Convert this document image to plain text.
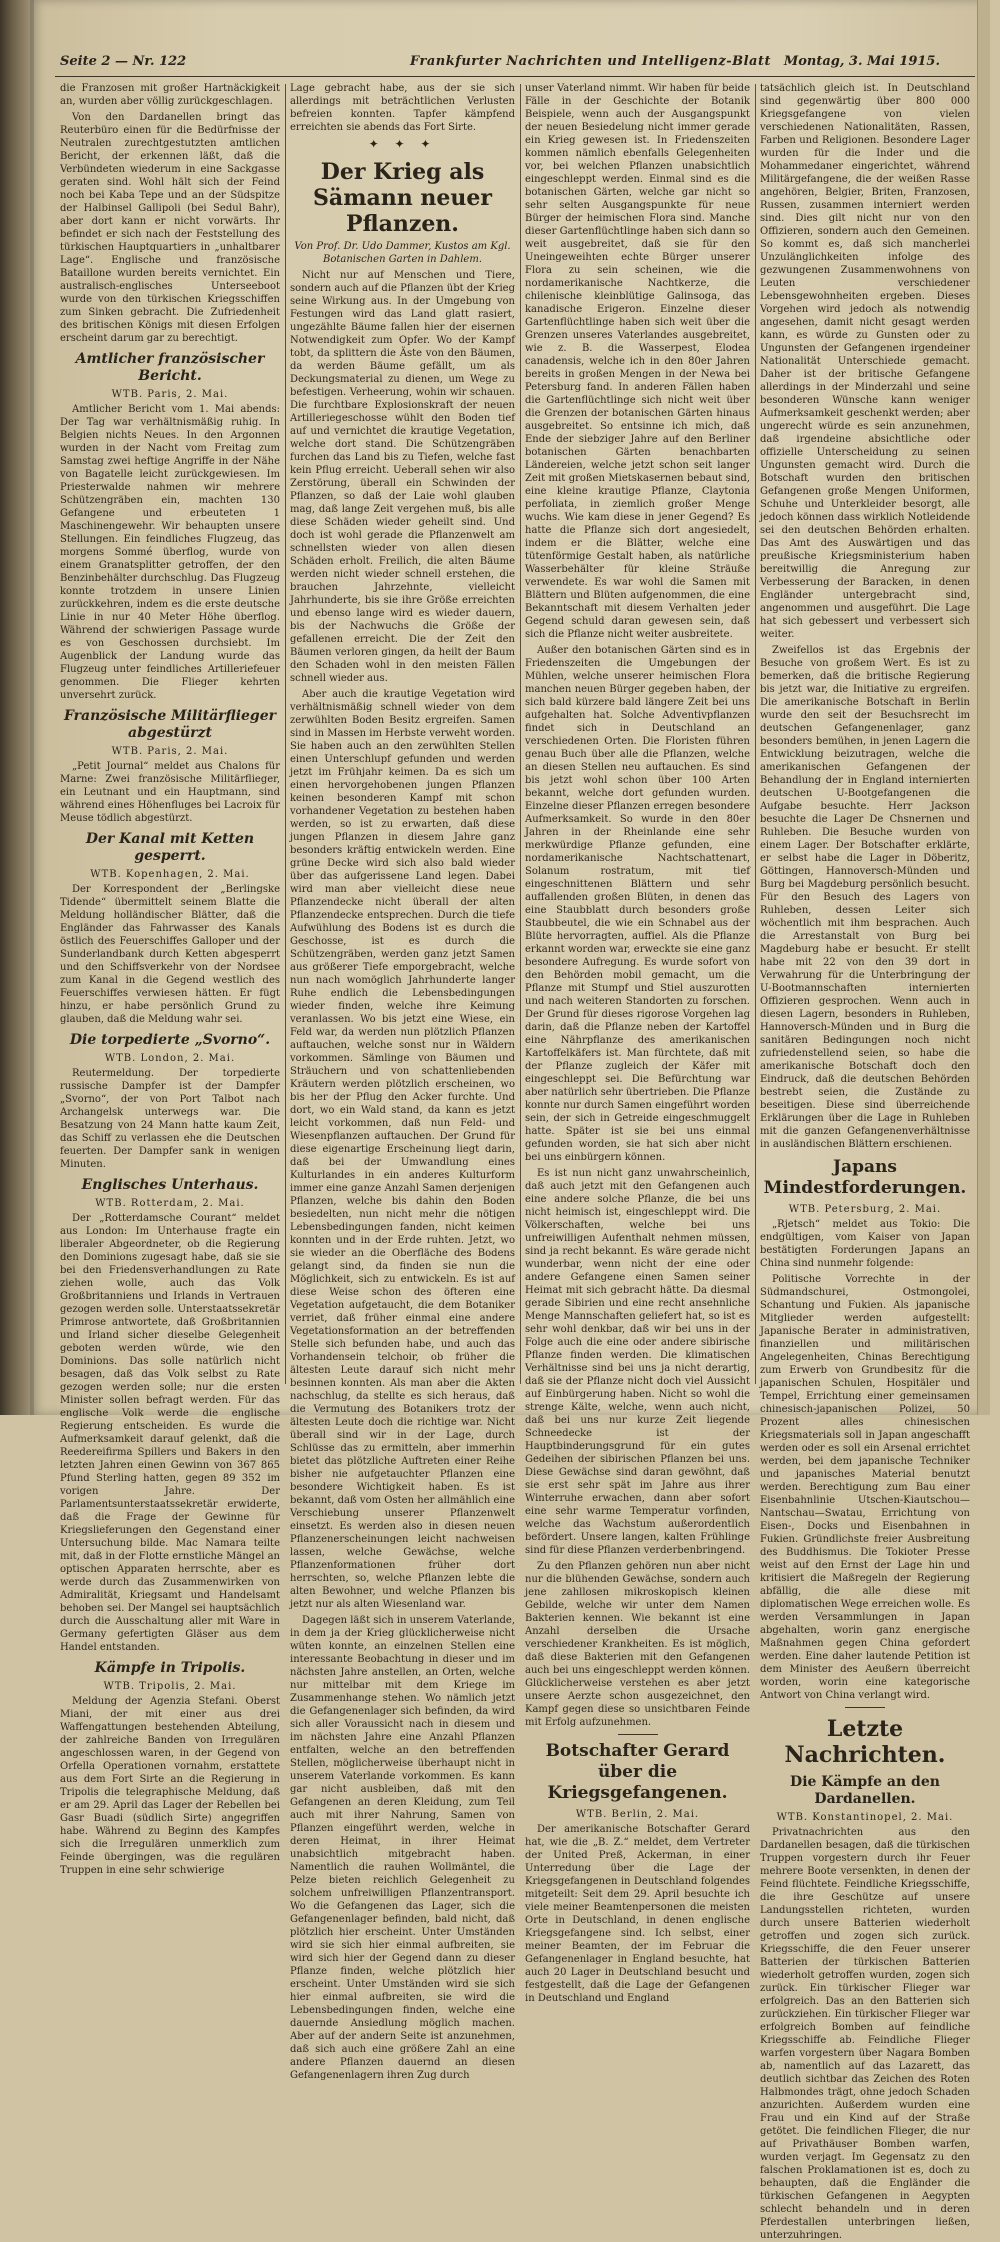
Seite 2 — Nr. 122	Frankfurter Nachrichten und Intelligenz-Blatt Montag, 3. Mai 1915.

die Franzosen mit großer Hartnäckigkeit an, wurden aber völlig zurückgeschlagen.

Von den Dardanellen bringt das Reuterbüro einen für die Bedürfnisse der Neutralen zurechtgestutzten amtlichen Bericht, der erkennen läßt, daß die Verbündeten wiederum in eine Sackgasse geraten sind. Wohl hält sich der Feind noch bei Kaba Tepe und an der Südspitze der Halbinsel Gallipoli (bei Sedul Bahr), aber dort kann er nicht vorwärts. Ihr befindet er sich nach der Feststellung des türkischen Hauptquartiers in „unhaltbarer Lage“. Englische und französische Bataillone wurden bereits vernichtet. Ein australisch-englisches Unterseeboot wurde von den türkischen Kriegsschiffen zum Sinken gebracht. Die Zufriedenheit des britischen Königs mit diesen Erfolgen erscheint darum gar zu berechtigt.

Amtlicher französischer Bericht.
WTB. Paris, 2. Mai.

Amtlicher Bericht vom 1. Mai abends: Der Tag war verhältnismäßig ruhig. In Belgien nichts Neues. In den Argonnen wurden in der Nacht vom Freitag zum Samstag zwei heftige Angriffe in der Nähe von Bagatelle leicht zurückgewiesen. Im Priesterwalde nahmen wir mehrere Schützengräben ein, machten 130 Gefangene und erbeuteten 1 Maschinengewehr. Wir behaupten unsere Stellungen. Ein feindliches Flugzeug, das morgens Sommé überflog, wurde von einem Granatsplitter getroffen, der den Benzinbehälter durchschlug. Das Flugzeug konnte trotzdem in unsere Linien zurückkehren, indem es die erste deutsche Linie in nur 40 Meter Höhe überflog. Während der schwierigen Passage wurde es von Geschossen durchsiebt. Im Augenblick der Landung wurde das Flugzeug unter feindliches Artilleriefeuer genommen. Die Flieger kehrten unversehrt zurück.

Französische Militärflieger abgestürzt
WTB. Paris, 2. Mai.

„Petit Journal“ meldet aus Chalons für Marne: Zwei französische Militärflieger, ein Leutnant und ein Hauptmann, sind während eines Höhenfluges bei Lacroix für Meuse tödlich abgestürzt.

Der Kanal mit Ketten gesperrt.
WTB. Kopenhagen, 2. Mai.

Der Korrespondent der „Berlingske Tidende“ übermittelt seinem Blatte die Meldung holländischer Blätter, daß die Engländer das Fahrwasser des Kanals östlich des Feuerschiffes Galloper und der Sunderlandbank durch Ketten abgesperrt und den Schiffsverkehr von der Nordsee zum Kanal in die Gegend westlich des Feuerschiffes verwiesen hätten. Er fügt hinzu, er habe persönlich Grund zu glauben, daß die Meldung wahr sei.

Die torpedierte „Svorno“.
WTB. London, 2. Mai.

Reutermeldung. Der torpedierte russische Dampfer ist der Dampfer „Svorno“, der von Port Talbot nach Archangelsk unterwegs war. Die Besatzung von 24 Mann hatte kaum Zeit, das Schiff zu verlassen ehe die Deutschen feuerten. Der Dampfer sank in wenigen Minuten.

Englisches Unterhaus.
WTB. Rotterdam, 2. Mai.

Der „Rotterdamsche Courant“ meldet aus London: Im Unterhause fragte ein liberaler Abgeordneter, ob die Regierung den Dominions zugesagt habe, daß sie sie bei den Friedensverhandlungen zu Rate ziehen wolle, auch das Volk Großbritanniens und Irlands in Vertrauen gezogen werden solle. Unterstaatssekretär Primrose antwortete, daß Großbritannien und Irland sicher dieselbe Gelegenheit geboten werden würde, wie den Dominions. Das solle natürlich nicht besagen, daß das Volk selbst zu Rate gezogen werden solle; nur die ersten Minister sollen befragt werden. Für das englische Volk werde die englische Regierung entscheiden. Es wurde die Aufmerksamkeit darauf gelenkt, daß die Reedereifirma Spillers und Bakers in den letzten Jahren einen Gewinn von 367 865 Pfund Sterling hatten, gegen 89 352 im vorigen Jahre. Der Parlamentsunterstaatssekretär erwiderte, daß die Frage der Gewinne für Kriegslieferungen den Gegenstand einer Untersuchung bilde. Mac Namara teilte mit, daß in der Flotte ernstliche Mängel an optischen Apparaten herrschte, aber es werde durch das Zusammenwirken von Admiralität, Kriegsamt und Handelsamt behoben sei. Der Mangel sei hauptsächlich durch die Ausschaltung aller mit Ware in Germany gefertigten Gläser aus dem Handel entstanden.

Kämpfe in Tripolis.
WTB. Tripolis, 2. Mai.

Meldung der Agenzia Stefani. Oberst Miani, der mit einer aus drei Waffengattungen bestehenden Abteilung, der zahlreiche Banden von Irregulären angeschlossen waren, in der Gegend von Orfella Operationen vornahm, erstattete aus dem Fort Sirte an die Regierung in Tripolis die telegraphische Meldung, daß er am 29. April das Lager der Rebellen bei Gasr Buadi (südlich Sirte) angegriffen habe. Während zu Beginn des Kampfes sich die Irregulären unmerklich zum Feinde übergingen, was die regulären Truppen in eine sehr schwierige

Lage gebracht habe, aus der sie sich allerdings mit beträchtlichen Verlusten befreien konnten. Tapfer kämpfend erreichten sie abends das Fort Sirte.

✦ ✦ ✦
Der Krieg als Sämann neuer Pflanzen.
Von Prof. Dr. Udo Dammer, Kustos am Kgl. Botanischen Garten in Dahlem.

Nicht nur auf Menschen und Tiere, sondern auch auf die Pflanzen übt der Krieg seine Wirkung aus. In der Umgebung von Festungen wird das Land glatt rasiert, ungezählte Bäume fallen hier der eisernen Notwendigkeit zum Opfer. Wo der Kampf tobt, da splittern die Äste von den Bäumen, da werden Bäume gefällt, um als Deckungsmaterial zu dienen, um Wege zu befestigen. Verheerung, wohin wir schauen. Die furchtbare Explosionskraft der neuen Artilleriegeschosse wühlt den Boden tief auf und vernichtet die krautige Vegetation, welche dort stand. Die Schützengräben furchen das Land bis zu Tiefen, welche fast kein Pflug erreicht. Ueberall sehen wir also Zerstörung, überall ein Schwinden der Pflanzen, so daß der Laie wohl glauben mag, daß lange Zeit vergehen muß, bis alle diese Schäden wieder geheilt sind. Und doch ist wohl gerade die Pflanzenwelt am schnellsten wieder von allen diesen Schäden erholt. Freilich, die alten Bäume werden nicht wieder schnell erstehen, die brauchen Jahrzehnte, vielleicht Jahrhunderte, bis sie ihre Größe erreichten und ebenso lange wird es wieder dauern, bis der Nachwuchs die Größe der gefallenen erreicht. Die der Zeit den Bäumen verloren gingen, da heilt der Baum den Schaden wohl in den meisten Fällen schnell wieder aus.

Aber auch die krautige Vegetation wird verhältnismäßig schnell wieder von dem zerwühlten Boden Besitz ergreifen. Samen sind in Massen im Herbste verweht worden. Sie haben auch an den zerwühlten Stellen einen Unterschlupf gefunden und werden jetzt im Frühjahr keimen. Da es sich um einen hervorgehobenen jungen Pflanzen keinen besonderen Kampf mit schon vorhandener Vegetation zu bestehen haben werden, so ist zu erwarten, daß diese jungen Pflanzen in diesem Jahre ganz besonders kräftig entwickeln werden. Eine grüne Decke wird sich also bald wieder über das aufgerissene Land legen. Dabei wird man aber vielleicht diese neue Pflanzendecke nicht überall der alten Pflanzendecke entsprechen. Durch die tiefe Aufwühlung des Bodens ist es durch die Geschosse, ist es durch die Schützengräben, werden ganz jetzt Samen aus größerer Tiefe emporgebracht, welche nun nach womöglich Jahrhunderte langer Ruhe endlich die Lebensbedingungen wieder finden, welche ihre Keimung veranlassen. Wo bis jetzt eine Wiese, ein Feld war, da werden nun plötzlich Pflanzen auftauchen, welche sonst nur in Wäldern vorkommen. Sämlinge von Bäumen und Sträuchern und von schattenliebenden Kräutern werden plötzlich erscheinen, wo bis her der Pflug den Acker furchte. Und dort, wo ein Wald stand, da kann es jetzt leicht vorkommen, daß nun Feld- und Wiesenpflanzen auftauchen. Der Grund für diese eigenartige Erscheinung liegt darin, daß bei der Umwandlung eines Kulturlandes in ein anderes Kulturform immer eine ganze Anzahl Samen derjenigen Pflanzen, welche bis dahin den Boden besiedelten, nun nicht mehr die nötigen Lebensbedingungen fanden, nicht keimen konnten und in der Erde ruhten. Jetzt, wo sie wieder an die Oberfläche des Bodens gelangt sind, da finden sie nun die Möglichkeit, sich zu entwickeln. Es ist auf diese Weise schon des öfteren eine Vegetation aufgetaucht, die dem Botaniker verriet, daß früher einmal eine andere Vegetationsformation an der betreffenden Stelle sich befunden habe, und auch das Vorhandensein telchoir, ob früher die ältesten Leute darauf sich nicht mehr besinnen konnten. Als man aber die Akten nachschlug, da stellte es sich heraus, daß die Vermutung des Botanikers trotz der ältesten Leute doch die richtige war. Nicht überall sind wir in der Lage, durch Schlüsse das zu ermitteln, aber immerhin bietet das plötzliche Auftreten einer Reihe bisher nie aufgetauchter Pflanzen eine besondere Wichtigkeit haben. Es ist bekannt, daß vom Osten her allmählich eine Verschiebung unserer Pflanzenwelt einsetzt. Es werden also in diesen neuen Pflanzenerscheinungen leicht nachweisen lassen, welche Gewächse, welche Pflanzenformationen früher dort herrschten, so, welche Pflanzen lebte die alten Bewohner, und welche Pflanzen bis jetzt nur als alten Wiesenland war.

Dagegen läßt sich in unserem Vaterlande, in dem ja der Krieg glücklicherweise nicht wüten konnte, an einzelnen Stellen eine interessante Beobachtung in dieser und im nächsten Jahre anstellen, an Orten, welche nur mittelbar mit dem Kriege im Zusammenhange stehen. Wo nämlich jetzt die Gefangenenlager sich befinden, da wird sich aller Voraussicht nach in diesem und im nächsten Jahre eine Anzahl Pflanzen entfalten, welche an den betreffenden Stellen, möglicherweise überhaupt nicht in unserem Vaterlande vorkommen. Es kann gar nicht ausbleiben, daß mit den Gefangenen an deren Kleidung, zum Teil auch mit ihrer Nahrung, Samen von Pflanzen eingeführt werden, welche in deren Heimat, in ihrer Heimat unabsichtlich mitgebracht haben. Namentlich die rauhen Wollmäntel, die Pelze bieten reichlich Gelegenheit zu solchem unfreiwilligen Pflanzentransport. Wo die Gefangenen das Lager, sich die Gefangenenlager befinden, bald nicht, daß plötzlich hier erscheint. Unter Umständen wird sie sich hier einmal aufbreiten, sie wird sich hier der Gegend dann zu dieser Pflanze finden, welche plötzlich hier erscheint. Unter Umständen wird sie sich hier einmal aufbreiten, sie wird die Lebensbedingungen finden, welche eine dauernde Ansiedlung möglich machen. Aber auf der andern Seite ist anzunehmen, daß sich auch eine größere Zahl an eine andere Pflanzen dauernd an diesen Gefangenenlagern ihren Zug durch

unser Vaterland nimmt. Wir haben für beide Fälle in der Geschichte der Botanik Beispiele, wenn auch der Ausgangspunkt der neuen Besiedelung nicht immer gerade ein Krieg gewesen ist. In Friedenszeiten kommen nämlich ebenfalls Gelegenheiten vor, bei welchen Pflanzen unabsichtlich eingeschleppt werden. Einmal sind es die botanischen Gärten, welche gar nicht so sehr selten Ausgangspunkte für neue Bürger der heimischen Flora sind. Manche dieser Gartenflüchtlinge haben sich dann so weit ausgebreitet, daß sie für den Uneingeweihten echte Bürger unserer Flora zu sein scheinen, wie die nordamerikanische Nachtkerze, die chilenische kleinblütige Galinsoga, das kanadische Erigeron. Einzelne dieser Gartenflüchtlinge haben sich weit über die Grenzen unseres Vaterlandes ausgebreitet, wie z. B. die Wasserpest, Elodea canadensis, welche ich in den 80er Jahren bereits in großen Mengen in der Newa bei Petersburg fand. In anderen Fällen haben die Gartenflüchtlinge sich nicht weit über die Grenzen der botanischen Gärten hinaus ausgebreitet. So entsinne ich mich, daß Ende der siebziger Jahre auf den Berliner botanischen Gärten benachbarten Ländereien, welche jetzt schon seit langer Zeit mit großen Mietskasernen bebaut sind, eine kleine krautige Pflanze, Claytonia perfoliata, in ziemlich großer Menge wuchs. Wie kam diese in jener Gegend? Es hatte die Pflanze sich dort angesiedelt, indem er die Blätter, welche eine tütenförmige Gestalt haben, als natürliche Wasserbehälter für kleine Sträuße verwendete. Es war wohl die Samen mit Blättern und Blüten aufgenommen, die eine Bekanntschaft mit diesem Verhalten jeder Gegend schuld daran gewesen sein, daß sich die Pflanze nicht weiter ausbreitete.

Außer den botanischen Gärten sind es in Friedenszeiten die Umgebungen der Mühlen, welche unserer heimischen Flora manchen neuen Bürger gegeben haben, der sich bald kürzere bald längere Zeit bei uns aufgehalten hat. Solche Adventivpflanzen findet sich in Deutschland an verschiedenen Orten. Die Floristen führen genau Buch über alle die Pflanzen, welche an diesen Stellen neu auftauchen. Es sind bis jetzt wohl schon über 100 Arten bekannt, welche dort gefunden wurden. Einzelne dieser Pflanzen erregen besondere Aufmerksamkeit. So wurde in den 80er Jahren in der Rheinlande eine sehr merkwürdige Pflanze gefunden, eine nordamerikanische Nachtschattenart, Solanum rostratum, mit tief eingeschnittenen Blättern und sehr auffallenden großen Blüten, in denen das eine Staubblatt durch besonders große Staubbeutel, die wie ein Schnabel aus der Blüte hervorragten, auffiel. Als die Pflanze erkannt worden war, erweckte sie eine ganz besondere Aufregung. Es wurde sofort von den Behörden mobil gemacht, um die Pflanze mit Stumpf und Stiel auszurotten und nach weiteren Standorten zu forschen. Der Grund für dieses rigorose Vorgehen lag darin, daß die Pflanze neben der Kartoffel eine Nährpflanze des amerikanischen Kartoffelkäfers ist. Man fürchtete, daß mit der Pflanze zugleich der Käfer mit eingeschleppt sei. Die Befürchtung war aber natürlich sehr übertrieben. Die Pflanze konnte nur durch Samen eingeführt worden sein, der sich in Getreide eingeschmuggelt hatte. Später ist sie bei uns einmal gefunden worden, sie hat sich aber nicht bei uns einbürgern können.

Es ist nun nicht ganz unwahrscheinlich, daß auch jetzt mit den Gefangenen auch eine andere solche Pflanze, die bei uns nicht heimisch ist, eingeschleppt wird. Die Völkerschaften, welche bei uns unfreiwilligen Aufenthalt nehmen müssen, sind ja recht bekannt. Es wäre gerade nicht wunderbar, wenn nicht der eine oder andere Gefangene einen Samen seiner Heimat mit sich gebracht hätte. Da diesmal gerade Sibirien und eine recht ansehnliche Menge Mannschaften geliefert hat, so ist es sehr wohl denkbar, daß wir bei uns in der Folge auch die eine oder andere sibirische Pflanze finden werden. Die klimatischen Verhältnisse sind bei uns ja nicht derartig, daß sie der Pflanze nicht doch viel Aussicht auf Einbürgerung haben. Nicht so wohl die strenge Kälte, welche, wenn auch nicht, daß bei uns nur kurze Zeit liegende Schneedecke ist der Hauptbinderungsgrund für ein gutes Gedeihen der sibirischen Pflanzen bei uns. Diese Gewächse sind daran gewöhnt, daß sie erst sehr spät im Jahre aus ihrer Winterruhe erwachen, dann aber sofort eine sehr warme Temperatur vorfinden, welche das Wachstum außerordentlich befördert. Unsere langen, kalten Frühlinge sind für diese Pflanzen verderbenbringend.

Zu den Pflanzen gehören nun aber nicht nur die blühenden Gewächse, sondern auch jene zahllosen mikroskopisch kleinen Gebilde, welche wir unter dem Namen Bakterien kennen. Wie bekannt ist eine Anzahl derselben die Ursache verschiedener Krankheiten. Es ist möglich, daß diese Bakterien mit den Gefangenen auch bei uns eingeschleppt werden können. Glücklicherweise verstehen es aber jetzt unsere Aerzte schon ausgezeichnet, den Kampf gegen diese so unsichtbaren Feinde mit Erfolg aufzunehmen.

Botschafter Gerard über die Kriegsgefangenen.
WTB. Berlin, 2. Mai.

Der amerikanische Botschafter Gerard hat, wie die „B. Z.“ meldet, dem Vertreter der United Preß, Ackerman, in einer Unterredung über die Lage der Kriegsgefangenen in Deutschland folgendes mitgeteilt: Seit dem 29. April besuchte ich viele meiner Beamtenpersonen die meisten Orte in Deutschland, in denen englische Kriegsgefangene sind. Ich selbst, einer meiner Beamten, der im Februar die Gefangenenlager in England besuchte, hat auch 20 Lager in Deutschland besucht und festgestellt, daß die Lage der Gefangenen in Deutschland und England

tatsächlich gleich ist. In Deutschland sind gegenwärtig über 800 000 Kriegsgefangene von vielen verschiedenen Nationalitäten, Rassen, Farben und Religionen. Besondere Lager wurden für die Inder und die Mohammedaner eingerichtet, während Militärgefangene, die der weißen Rasse angehören, Belgier, Briten, Franzosen, Russen, zusammen interniert werden sind. Dies gilt nicht nur von den Offizieren, sondern auch den Gemeinen. So kommt es, daß sich mancherlei Unzulänglichkeiten infolge des gezwungenen Zusammenwohnens von Leuten verschiedener Lebensgewohnheiten ergeben. Dieses Vorgehen wird jedoch als notwendig angesehen, damit nicht gesagt werden kann, es würde zu Gunsten oder zu Ungunsten der Gefangenen irgendeiner Nationalität Unterschiede gemacht. Daher ist der britische Gefangene allerdings in der Minderzahl und seine besonderen Wünsche kann weniger Aufmerksamkeit geschenkt werden; aber ungerecht würde es sein anzunehmen, daß irgendeine absichtliche oder offizielle Unterscheidung zu seinen Ungunsten gemacht wird. Durch die Botschaft wurden den britischen Gefangenen große Mengen Uniformen, Schuhe und Unterkleider besorgt, alle jedoch können dass wirklich Notleidende sei den deutschen Behörden erhalten. Das Amt des Auswärtigen und das preußische Kriegsministerium haben bereitwillig die Anregung zur Verbesserung der Baracken, in denen Engländer untergebracht sind, angenommen und ausgeführt. Die Lage hat sich gebessert und verbessert sich weiter.

Zweifellos ist das Ergebnis der Besuche von großem Wert. Es ist zu bemerken, daß die britische Regierung bis jetzt war, die Initiative zu ergreifen. Die amerikanische Botschaft in Berlin wurde den seit der Besuchsrecht im deutschen Gefangenenlager, ganz besonders bemühen, in jenen Lagern die Entwicklung beizutragen, welche die amerikanischen Gefangenen der Behandlung der in England internierten deutschen U-Bootgefangenen die Aufgabe besuchte. Herr Jackson besuchte die Lager De Chsnernen und Ruhleben. Die Besuche wurden von einem Lager. Der Botschafter erklärte, er selbst habe die Lager in Döberitz, Göttingen, Hannoversch-Münden und Burg bei Magdeburg persönlich besucht. Für den Besuch des Lagers von Ruhleben, dessen Leiter sich wöchentlich mit ihm besprachen. Auch die Arrestanstalt von Burg bei Magdeburg habe er besucht. Er stellt habe mit 22 von den 39 dort in Verwahrung für die Unterbringung der U-Bootmannschaften internierten Offizieren gesprochen. Wenn auch in diesen Lagern, besonders in Ruhleben, Hannoversch-Münden und in Burg die sanitären Bedingungen noch nicht zufriedenstellend seien, so habe die amerikanische Botschaft doch den Eindruck, daß die deutschen Behörden bestrebt seien, die Zustände zu beseitigen. Diese sind überreichende Erklärungen über die Lage in Ruhleben mit die ganzen Gefangenenverhältnisse in ausländischen Blättern erschienen.

Japans Mindestforderungen.
WTB. Petersburg, 2. Mai.

„Rjetsch“ meldet aus Tokio: Die endgültigen, vom Kaiser von Japan bestätigten Forderungen Japans an China sind nunmehr folgende:

Politische Vorrechte in der Südmandschurei, Ostmongolei, Schantung und Fukien. Als japanische Mitglieder werden aufgestellt: Japanische Berater in administrativen, finanziellen und militärischen Angelegenheiten, Chinas Berechtigung zum Erwerb von Grundbesitz für die japanischen Schulen, Hospitäler und Tempel, Errichtung einer gemeinsamen chinesisch-japanischen Polizei, 50 Prozent alles chinesischen Kriegsmaterials soll in Japan angeschafft werden oder es soll ein Arsenal errichtet werden, bei dem japanische Techniker und japanisches Material benutzt werden. Berechtigung zum Bau einer Eisenbahnlinie Utschen-Kiautschou—Nantschau—Swatau, Errichtung von Eisen-, Docks und Eisenbahnen in Fukien. Gründlichste freier Ausbreitung des Buddhismus. Die Tokioter Presse weist auf den Ernst der Lage hin und kritisiert die Maßregeln der Regierung abfällig, die alle diese mit diplomatischen Wege erreichen wolle. Es werden Versammlungen in Japan abgehalten, worin ganz energische Maßnahmen gegen China gefordert werden. Eine daher lautende Petition ist dem Minister des Aeußern überreicht worden, worin eine kategorische Antwort von China verlangt wird.

Letzte Nachrichten.
Die Kämpfe an den Dardanellen.
WTB. Konstantinopel, 2. Mai.

Privatnachrichten aus den Dardanellen besagen, daß die türkischen Truppen vorgestern durch ihr Feuer mehrere Boote versenkten, in denen der Feind flüchtete. Feindliche Kriegsschiffe, die ihre Geschütze auf unsere Landungsstellen richteten, wurden durch unsere Batterien wiederholt getroffen und zogen sich zurück. Kriegsschiffe, die den Feuer unserer Batterien der türkischen Batterien wiederholt getroffen wurden, zogen sich zurück. Ein türkischer Flieger war erfolgreich. Das an den Batterien sich zurückziehen. Ein türkischer Flieger war erfolgreich Bomben auf feindliche Kriegsschiffe ab. Feindliche Flieger warfen vorgestern über Nagara Bomben ab, namentlich auf das Lazarett, das deutlich sichtbar das Zeichen des Roten Halbmondes trägt, ohne jedoch Schaden anzurichten. Außerdem wurden eine Frau und ein Kind auf der Straße getötet. Die feindlichen Flieger, die nur auf Privathäuser Bomben warfen, wurden verjagt. Im Gegensatz zu den falschen Proklamationen ist es, doch zu behaupten, daß die Engländer die türkischen Gefangenen in Aegypten schlecht behandeln und in deren Pferdestallen unterbringen ließen, unterzuhringen.
